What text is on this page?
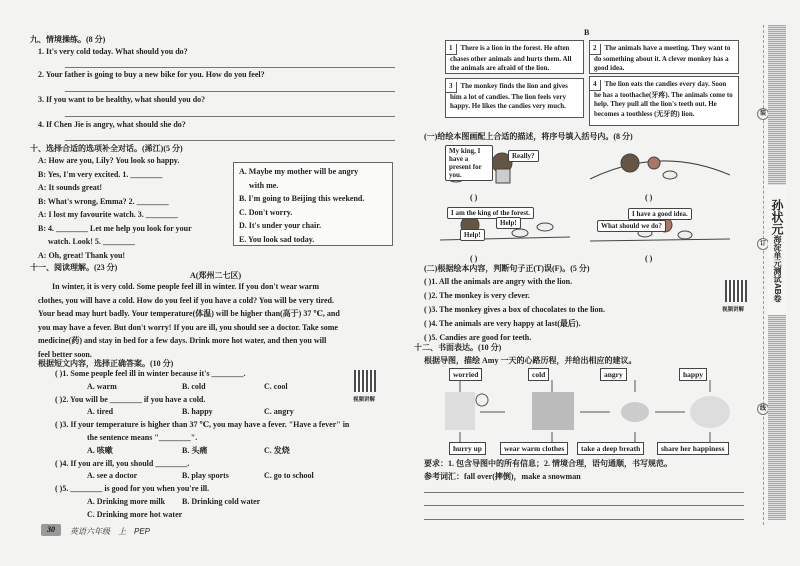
九、情境操练。(8 分)
1. It's very cold today. What should you do?
2. Your father is going to buy a new bike for you. How do you feel?
3. If you want to be healthy, what should you do?
4. If Chen Jie is angry, what should she do?
十、选择合适的选项补全对话。(浠江)(5 分)
A: How are you, Lily? You look so happy.
B: Yes, I'm very excited. 1. ________
A: It sounds great!
B: What's wrong, Emma? 2. ________
A: I lost my favourite watch. 3. ________
B: 4. ________ Let me help you look for your
watch. Look! 5. ________
A: Oh, great! Thank you!
A. Maybe my mother will be angry
with me.
B. I'm going to Beijing this weekend.
C. Don't worry.
D. It's under your chair.
E. You look sad today.
十一、阅读理解。(23 分)
A(郑州二七区)
In winter, it is very cold. Some people feel ill in winter. If you don't wear warm
clothes, you will have a cold. How do you feel if you have a cold? You will be very tired.
Your head may hurt badly. Your temperature(体温) will be higher than(高于) 37 ℃, and
you may have a fever. But don't worry! If you are ill, you should see a doctor. Take some
medicine(药) and stay in bed for a few days. Drink more hot water, and then you will
feel better soon.
根据短文内容，选择正确答案。(10 分)
视频讲解
( )1. Some people feel ill in winter because it's ________.
A. warm	B. cold	C. cool
( )2. You will be ________ if you have a cold.
A. tired	B. happy	C. angry
( )3. If your temperature is higher than 37 ℃, you may have a fever. "Have a fever" in
the sentence means "________".
A. 咳嗽	B. 头痛	C. 发烧
( )4. If you are ill, you should ________.
A. see a doctor	B. play sports	C. go to school
( )5. ________ is good for you when you're ill.
A. Drinking more milk	B. Drinking cold water
C. Drinking more hot water
30	英语六年级　上　PEP
B
1 There is a lion in the forest. He often chases other animals and hurts them. All the animals are afraid of the lion.
2 The animals have a meeting. They want to do something about it. A clever monkey has a good idea.
3 The monkey finds the lion and gives him a lot of candies. The lion feels very happy. He likes the candies very much.
4 The lion eats the candies every day. Soon he has a toothache(牙疼). The animals come to help. They pull all the lion's teeth out. He becomes a toothless (无牙的) lion.
(一)给绘本图画配上合适的描述，将序号填入括号内。(8 分)
My king, I have a present for you.
Really?
I am the king of the forest.
Help!
Help!
I have a good idea.
What should we do?
( )	( )
( )	( )
(二)根据绘本内容，判断句子正(T)误(F)。(5 分)
( )1. All the animals are angry with the lion.
( )2. The monkey is very clever.
( )3. The monkey gives a box of chocolates to the lion.
( )4. The animals are very happy at last(最后).
( )5. Candies are good for teeth.
视频讲解
十二、书面表达。(10 分)
根据导图，描绘 Amy 一天的心路历程，并给出相应的建议。
worried	cold	angry	happy
hurry up	wear warm clothes	take a deep breath	share her happiness
要求：1. 包含导图中的所有信息；2. 情境合理，语句通顺，书写规范。
参考词汇：fall over(摔倒)，make a snowman
装
订
线
孙状元海淀单元测试AB卷
